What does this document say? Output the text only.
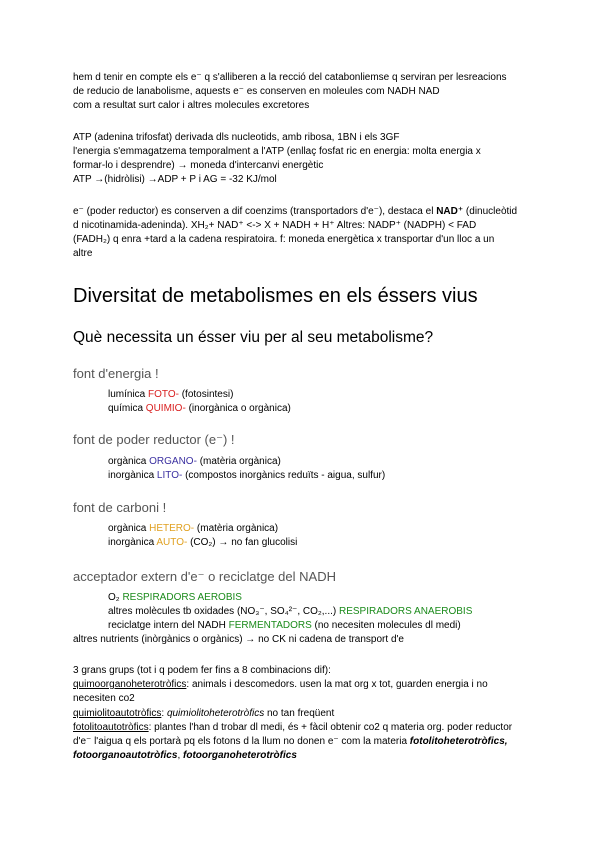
hem d tenir en compte els e⁻ q s'alliberen a la recció del catabonliemse q serviran per lesreacions
de reducio de lanabolisme, aquests e⁻ es conserven en moleules com NADH NAD
com a resultat surt calor i altres molecules excretores
ATP (adenina trifosfat) derivada dls nucleotids, amb ribosa, 1BN i els 3GF
l'energia s'emmagatzema temporalment a l'ATP (enllaç fosfat ric en energia: molta energia x
formar-lo i desprendre) → moneda d'intercanvi energètic
ATP →(hidròlisi) →ADP + P i AG = -32 KJ/mol
e⁻ (poder reductor) es conserven a dif coenzims (transportadors d'e⁻), destaca el NAD⁺ (dinucleòtid
d nicotinamida-adeninda). XH₂+ NAD⁺ <-> X + NADH + H⁺ Altres: NADP⁺ (NADPH) < FAD
(FADH₂) q enra +tard a la cadena respiratoira. f: moneda energètica x transportar d'un lloc a un
altre
Diversitat de metabolismes en els éssers vius
Què necessita un ésser viu per al seu metabolisme?
font d'energia !
lumínica FOTO- (fotosintesi)
química QUIMIO- (inorgànica o orgànica)
font de poder reductor (e⁻) !
orgànica ORGANO- (matèria orgànica)
inorgànica LITO- (compostos inorgànics reduïts - aigua, sulfur)
font de carboni !
orgànica HETERO- (matèria orgànica)
inorgànica AUTO- (CO₂) → no fan glucolisi
acceptador extern d'e⁻ o reciclatge del NADH
O₂ RESPIRADORS AEROBIS
altres molècules tb oxidades (NO₃⁻, SO₄²⁻, CO₂,...) RESPIRADORS ANAEROBIS
reciclatge intern del NADH FERMENTADORS (no necesiten molecules dl medi)
altres nutrients (inòrgànics o orgànics) → no CK ni cadena de transport d'e
3 grans grups (tot i q podem fer fins a 8 combinacions dif):
quimoorganoheterotròfics: animals i descomedors. usen la mat org x tot, guarden energia i no
necesiten co2
quimiolitoautotròfics: quimiolitoheterotròfics no tan freqüent
fotolitoautotròfics: plantes l'han d trobar dl medi, és + fàcil obtenir co2 q materia org. poder reductor
d'e⁻ l'aigua q els portarà pq els fotons d la llum no donen e⁻ com la materia fotolitoheterotròfics,
fotoorganoautotròfics, fotoorganoheterotròfics
